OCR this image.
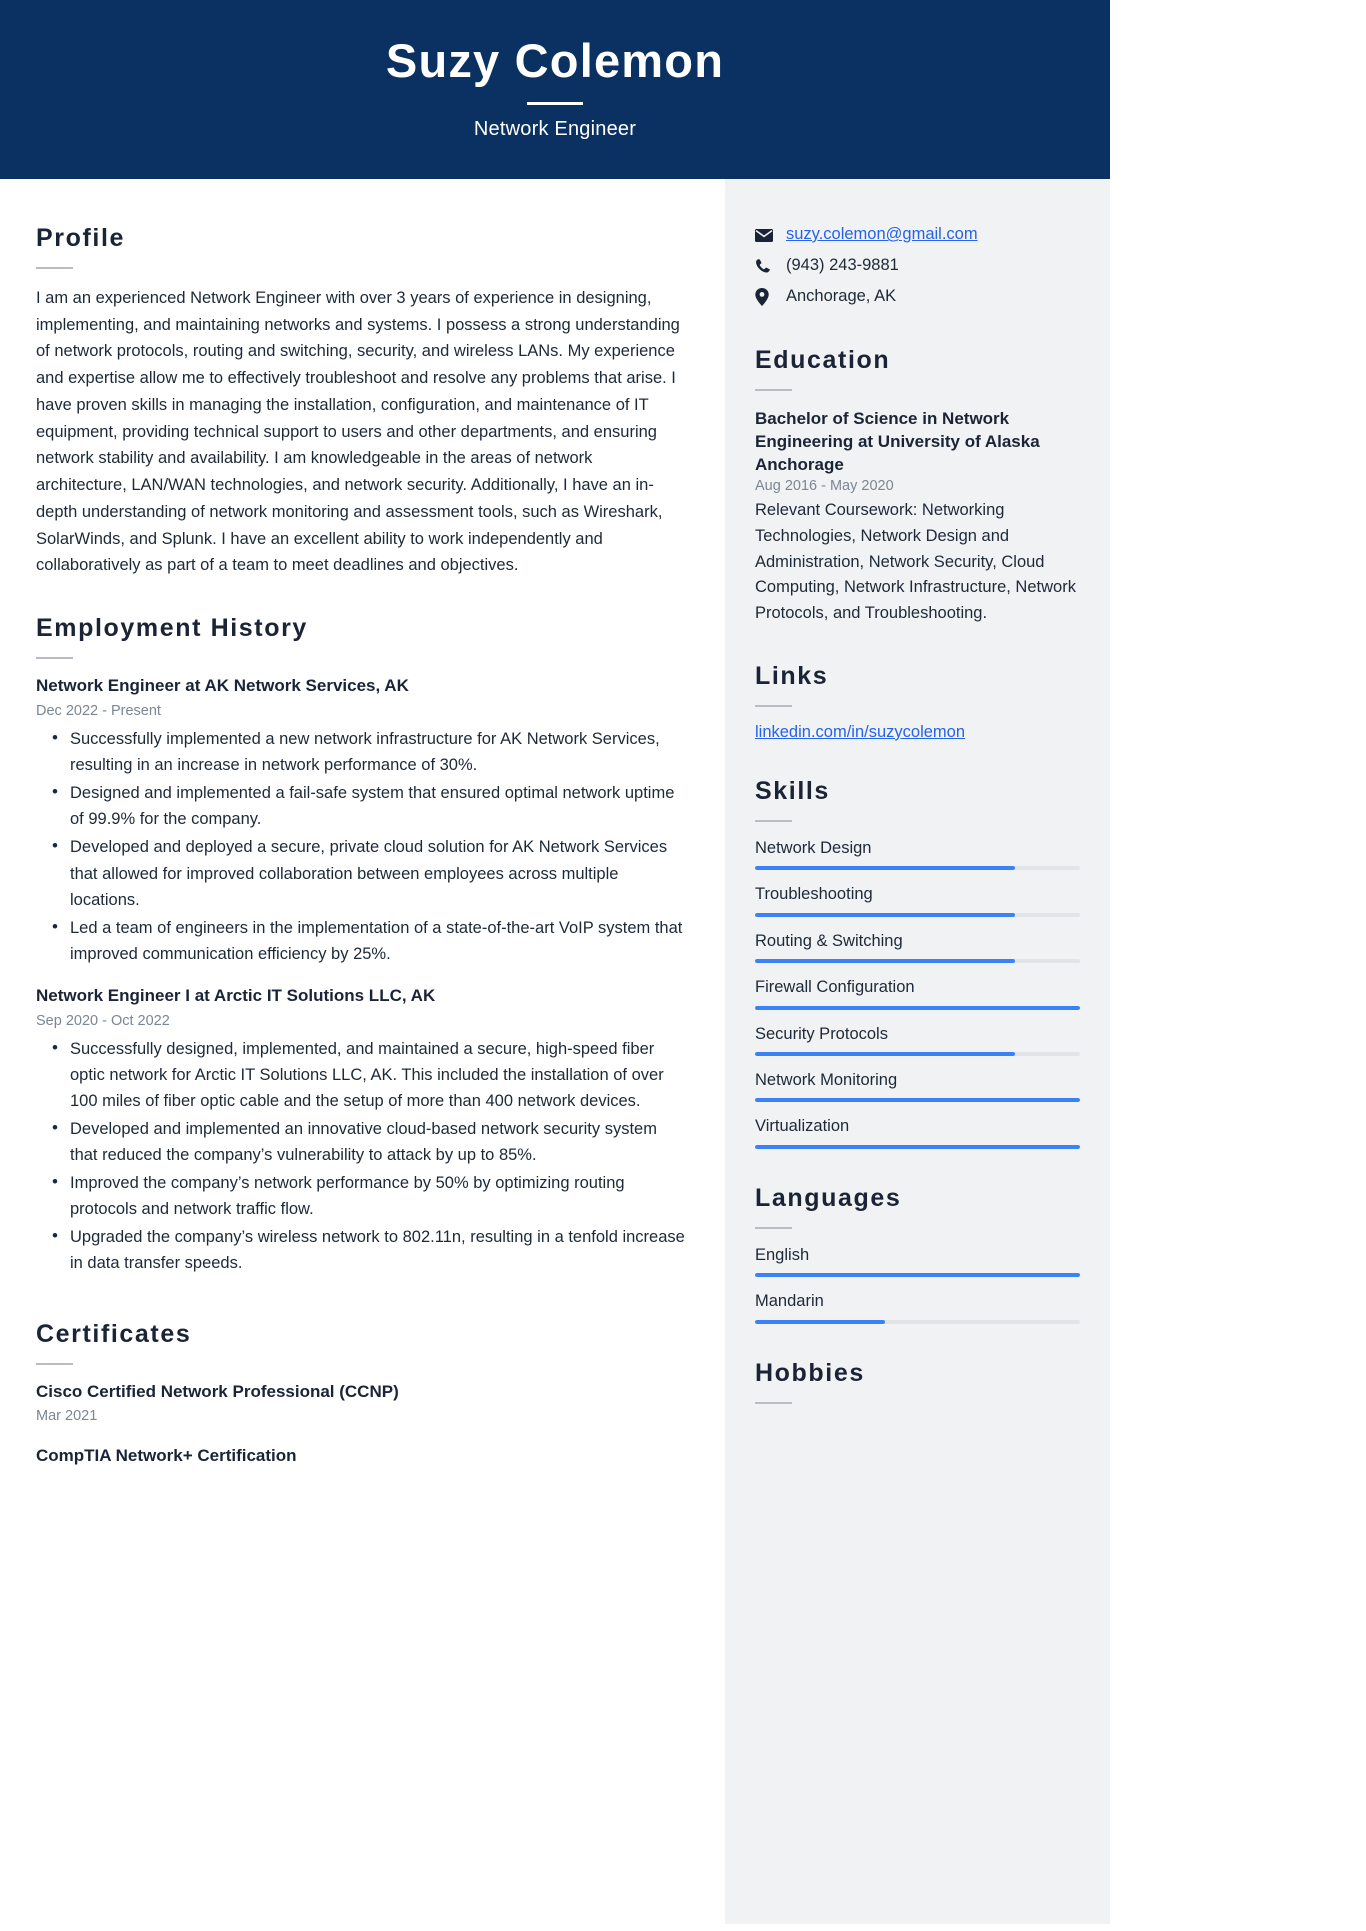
Suzy Colemon
Network Engineer
Profile

I am an experienced Network Engineer with over 3 years of experience in designing, implementing, and maintaining networks and systems. I possess a strong understanding of network protocols, routing and switching, security, and wireless LANs. My experience and expertise allow me to effectively troubleshoot and resolve any problems that arise. I have proven skills in managing the installation, configuration, and maintenance of IT equipment, providing technical support to users and other departments, and ensuring network stability and availability. I am knowledgeable in the areas of network architecture, LAN/WAN technologies, and network security. Additionally, I have an in-depth understanding of network monitoring and assessment tools, such as Wireshark, SolarWinds, and Splunk. I have an excellent ability to work independently and collaboratively as part of a team to meet deadlines and objectives.

Employment History
Network Engineer at AK Network Services, AK
Dec 2022 - Present
• Successfully implemented a new network infrastructure for AK Network Services, resulting in an increase in network performance of 30%.
• Designed and implemented a fail-safe system that ensured optimal network uptime of 99.9% for the company.
• Developed and deployed a secure, private cloud solution for AK Network Services that allowed for improved collaboration between employees across multiple locations.
• Led a team of engineers in the implementation of a state-of-the-art VoIP system that improved communication efficiency by 25%.
Network Engineer I at Arctic IT Solutions LLC, AK
Sep 2020 - Oct 2022
• Successfully designed, implemented, and maintained a secure, high-speed fiber optic network for Arctic IT Solutions LLC, AK. This included the installation of over 100 miles of fiber optic cable and the setup of more than 400 network devices.
• Developed and implemented an innovative cloud-based network security system that reduced the company’s vulnerability to attack by up to 85%.
• Improved the company’s network performance by 50% by optimizing routing protocols and network traffic flow.
• Upgraded the company’s wireless network to 802.11n, resulting in a tenfold increase in data transfer speeds.
Certificates
Cisco Certified Network Professional (CCNP)
Mar 2021
CompTIA Network+ Certification
suzy.colemon@gmail.com
(943) 243-9881
Anchorage, AK
Education
Bachelor of Science in Network Engineering at University of Alaska Anchorage
Aug 2016 - May 2020
Relevant Coursework: Networking Technologies, Network Design and Administration, Network Security, Cloud Computing, Network Infrastructure, Network Protocols, and Troubleshooting.
Links
linkedin.com/in/suzycolemon
Skills
Network Design
Troubleshooting
Routing & Switching
Firewall Configuration
Security Protocols
Network Monitoring
Virtualization
Languages
English
Mandarin
Hobbies
